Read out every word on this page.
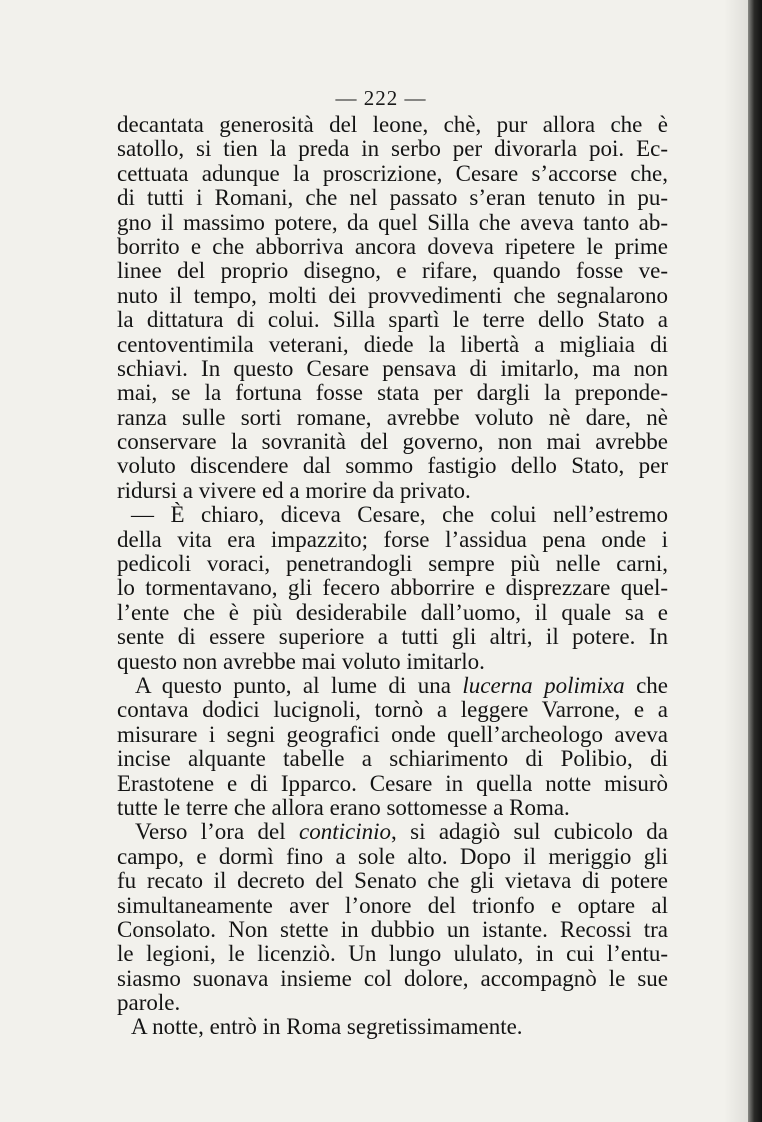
— 222 —
decantata generosità del leone, chè, pur allora che è
satollo, si tien la preda in serbo per divorarla poi. Ec-
cettuata adunque la proscrizione, Cesare s’accorse che,
di tutti i Romani, che nel passato s’eran tenuto in pu-
gno il massimo potere, da quel Silla che aveva tanto ab-
borrito e che abborriva ancora doveva ripetere le prime
linee del proprio disegno, e rifare, quando fosse ve-
nuto il tempo, molti dei provvedimenti che segnalarono
la dittatura di colui. Silla spartì le terre dello Stato a
centoventimila veterani, diede la libertà a migliaia di
schiavi. In questo Cesare pensava di imitarlo, ma non
mai, se la fortuna fosse stata per dargli la preponde-
ranza sulle sorti romane, avrebbe voluto nè dare, nè
conservare la sovranità del governo, non mai avrebbe
voluto discendere dal sommo fastigio dello Stato, per
ridursi a vivere ed a morire da privato.
— È chiaro, diceva Cesare, che colui nell’estremo
della vita era impazzito; forse l’assidua pena onde i
pedicoli voraci, penetrandogli sempre più nelle carni,
lo tormentavano, gli fecero abborrire e disprezzare quel-
l’ente che è più desiderabile dall’uomo, il quale sa e
sente di essere superiore a tutti gli altri, il potere. In
questo non avrebbe mai voluto imitarlo.
A questo punto, al lume di una lucerna polimixa che
contava dodici lucignoli, tornò a leggere Varrone, e a
misurare i segni geografici onde quell’archeologo aveva
incise alquante tabelle a schiarimento di Polibio, di
Erastotene e di Ipparco. Cesare in quella notte misurò
tutte le terre che allora erano sottomesse a Roma.
Verso l’ora del conticinio, si adagiò sul cubicolo da
campo, e dormì fino a sole alto. Dopo il meriggio gli
fu recato il decreto del Senato che gli vietava di potere
simultaneamente aver l’onore del trionfo e optare al
Consolato. Non stette in dubbio un istante. Recossi tra
le legioni, le licenziò. Un lungo ululato, in cui l’entu-
siasmo suonava insieme col dolore, accompagnò le sue
parole.
A notte, entrò in Roma segretissimamente.
